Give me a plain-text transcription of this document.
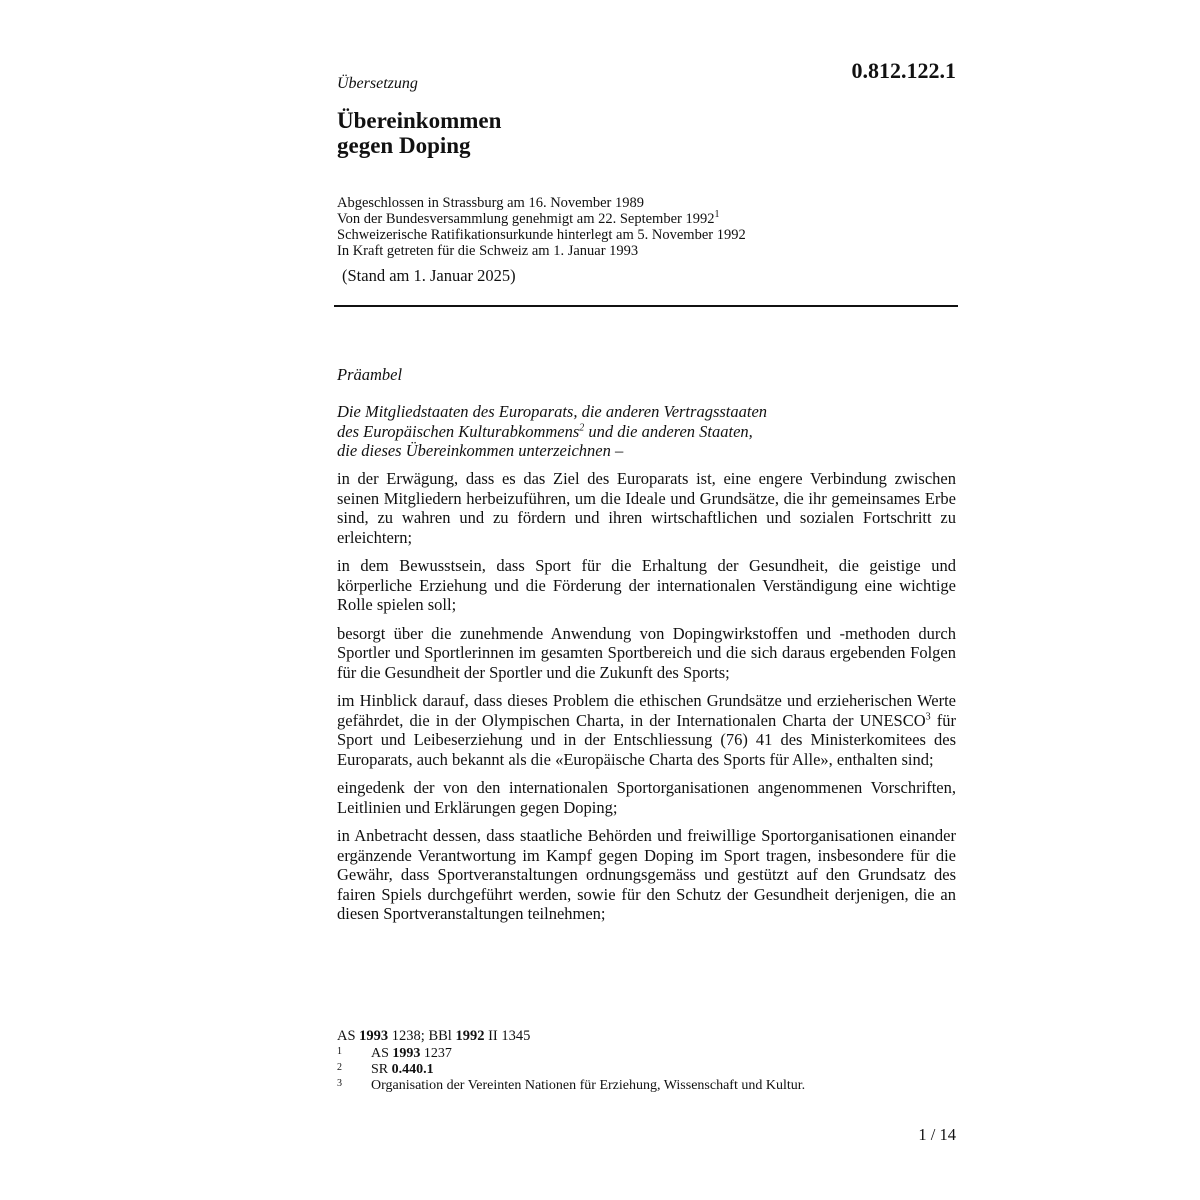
0.812.122.1
Übersetzung
Übereinkommen
gegen Doping
Abgeschlossen in Strassburg am 16. November 1989
Von der Bundesversammlung genehmigt am 22. September 1992$^1$
Schweizerische Ratifikationsurkunde hinterlegt am 5. November 1992
In Kraft getreten für die Schweiz am 1. Januar 1993
(Stand am 1. Januar 2025)
Präambel
Die Mitgliedstaaten des Europarats, die anderen Vertragsstaaten
des Europäischen Kulturabkommens$^2$ und die anderen Staaten,
die dieses Übereinkommen unterzeichnen –

in der Erwägung, dass es das Ziel des Europarats ist, eine engere Verbindung zwischen seinen Mitgliedern herbeizuführen, um die Ideale und Grundsätze, die ihr gemeinsames Erbe sind, zu wahren und zu fördern und ihren wirtschaftlichen und sozialen Fortschritt zu erleichtern;

in dem Bewusstsein, dass Sport für die Erhaltung der Gesundheit, die geistige und körperliche Erziehung und die Förderung der internationalen Verständigung eine wichtige Rolle spielen soll;

besorgt über die zunehmende Anwendung von Dopingwirkstoffen und -methoden durch Sportler und Sportlerinnen im gesamten Sportbereich und die sich daraus ergebenden Folgen für die Gesundheit der Sportler und die Zukunft des Sports;

im Hinblick darauf, dass dieses Problem die ethischen Grundsätze und erzieherischen Werte gefährdet, die in der Olympischen Charta, in der Internationalen Charta der UNESCO$^3$ für Sport und Leibeserziehung und in der Entschliessung (76) 41 des Ministerkomitees des Europarats, auch bekannt als die «Europäische Charta des Sports für Alle», enthalten sind;

eingedenk der von den internationalen Sportorganisationen angenommenen Vorschriften, Leitlinien und Erklärungen gegen Doping;

in Anbetracht dessen, dass staatliche Behörden und freiwillige Sportorganisationen einander ergänzende Verantwortung im Kampf gegen Doping im Sport tragen, insbesondere für die Gewähr, dass Sportveranstaltungen ordnungsgemäss und gestützt auf den Grundsatz des fairen Spiels durchgeführt werden, sowie für den Schutz der Gesundheit derjenigen, die an diesen Sportveranstaltungen teilnehmen;

AS 1993 1238; BBl 1992 II 1345
1	AS 1993 1237
2	SR 0.440.1
3	Organisation der Vereinten Nationen für Erziehung, Wissenschaft und Kultur.
1 / 14
